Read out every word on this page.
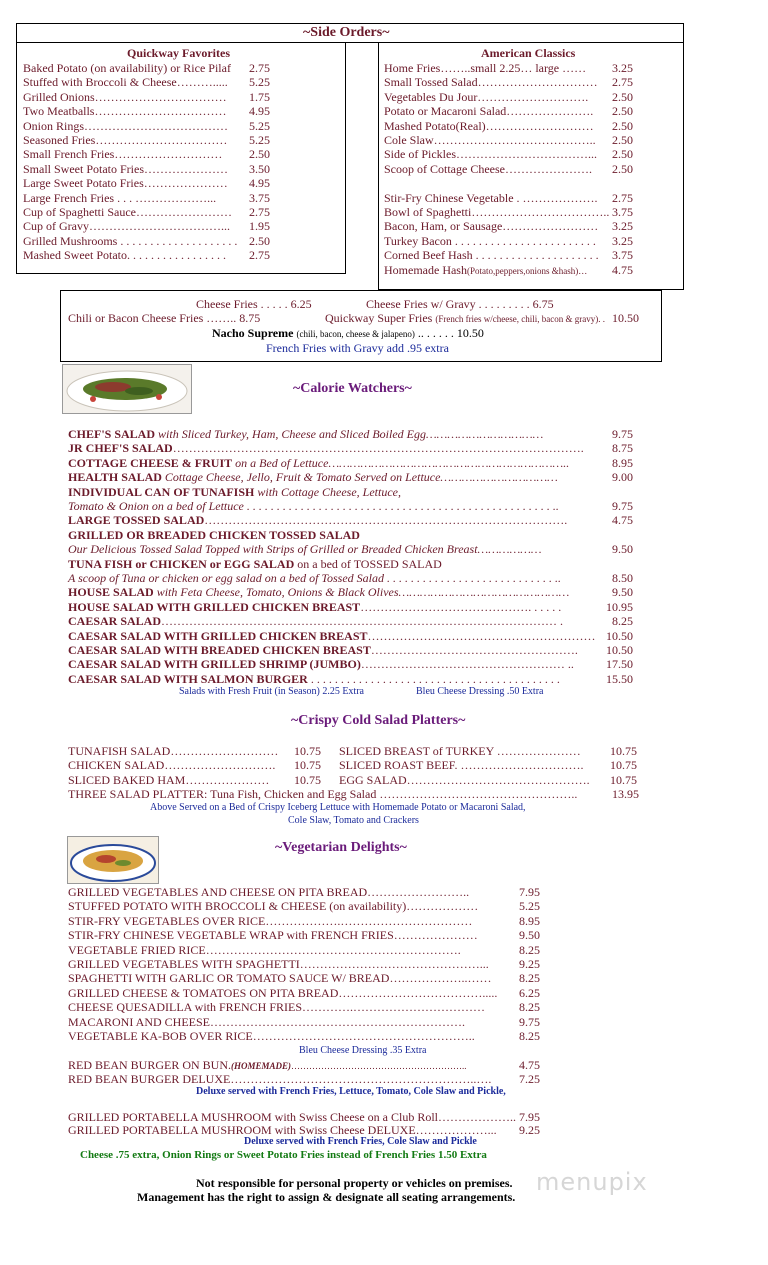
~Side Orders~
Quickway Favorites
Baked Potato (on availability) or Rice Pilaf 2.75
Stuffed with Broccoli & Cheese………..... 5.25
Grilled Onions…………………………… 1.75
Two Meatballs…………………………… 4.95
Onion Rings……………………………… 5.25
Seasoned Fries…………………………… 5.25
Small French Fries……………………… 2.50
Small Sweet Potato Fries………………… 3.50
Large Sweet Potato Fries………………… 4.95
Large French Fries . . . ………………...	3.75
Cup of Spaghetti Sauce…………………… 2.75
Cup of Gravy……………………………... 1.95
Grilled Mushrooms . . . . . . . . . . . . . . . . . . . . 2.50
Mashed Sweet Potato. . . . . . . . . . . . . . . . . 2.75
American Classics
Home Fries……..small 2.25… large …… 3.25
Small Tossed Salad………………………… 2.75
Vegetables Du Jour………………………. 2.50
Potato or Macaroni Salad…………………. 2.50
Mashed Potato(Real)……………………… 2.50
Cole Slaw………………………………….. 2.50
Side of Pickles……………………………... 2.50
Scoop of Cottage Cheese…………………. 2.50
Stir-Fry Chinese Vegetable . ………………. 2.75
Bowl of Spaghetti…………………………….. 3.75
Bacon, Ham, or Sausage…………………… 3.25
Turkey Bacon . . . . . . . . . . . . . . . . . . . . . . . . 3.25
Corned Beef Hash . . . . . . . . . . . . . . . . . . . . . 3.75
Homemade Hash(Potato,peppers,onions &hash)… 4.75
Cheese Fries . . . . . 6.25	Cheese Fries w/ Gravy . . . . . . . . . 6.75
Chili or Bacon Cheese Fries …….. 8.75	Quickway Super Fries (French fries w/cheese, chili, bacon & gravy). . 10.50
Nacho Supreme (chili, bacon, cheese & jalapeno) .. . . . . . 10.50
French Fries with Gravy add .95 extra
~Calorie Watchers~
CHEF'S SALAD with Sliced Turkey, Ham, Cheese and Sliced Boiled Egg……………………………	9.75
JR CHEF'S SALAD…………………………………………………………………………………………. 8.75
COTTAGE CHEESE & FRUIT on a Bed of Lettuce…………………………………………………………..	8.95
HEALTH SALAD Cottage Cheese, Jello, Fruit & Tomato Served on Lettuce……………………………	9.00
INDIVIDUAL CAN OF TUNAFISH with Cottage Cheese, Lettuce,
Tomato & Onion on a bed of Lettuce . . . . . . . . . . . . . . . . . . . . . . . . . . . . . . . . . . . . . . . . . . . . . . . . . . . ..	9.75
LARGE TOSSED SALAD……………………………………………………………………………….	4.75
GRILLED OR BREADED CHICKEN TOSSED SALAD
Our Delicious Tossed Salad Topped with Strips of Grilled or Breaded Chicken Breast………………	9.50
TUNA FISH or CHICKEN or EGG SALAD on a bed of TOSSED SALAD
A scoop of Tuna or chicken or egg salad on a bed of Tossed Salad . . . . . . . . . . . . . . . . . . . . . . . . . . . . ..	8.50
HOUSE SALAD with Feta Cheese, Tomato, Onions & Black Olives…………………………………………	9.50
HOUSE SALAD WITH GRILLED CHICKEN BREAST……………………………………. . . . . .	10.95
CAESAR SALAD……………………………………………………………………………………… .	8.25
CAESAR SALAD WITH GRILLED CHICKEN BREAST………………………………………………… 10.50
CAESAR SALAD WITH BREADED CHICKEN BREAST……………………………………………. 10.50
CAESAR SALAD WITH GRILLED SHRIMP (JUMBO)…………………………………………… ..	17.50
CAESAR SALAD WITH SALMON BURGER . . . . . . . . . . . . . . . . . . . . . . . . . . . . . . . . . . . . . . . . . .	15.50
Salads with Fresh Fruit (in Season) 2.25 Extra	Bleu Cheese Dressing .50 Extra
~Crispy Cold Salad Platters~
TUNAFISH SALAD……………………… 10.75
CHICKEN SALAD………………………. 10.75
SLICED BAKED HAM………………… 10.75
SLICED BREAST of TURKEY ………………… 10.75
SLICED ROAST BEEF. …………………………. 10.75
EGG SALAD………………………………………. 10.75
THREE SALAD PLATTER: Tuna Fish, Chicken and Egg Salad …………………………………………..	13.95
Above Served on a Bed of Crispy Iceberg Lettuce with Homemade Potato or Macaroni Salad,
Cole Slaw, Tomato and Crackers
~Vegetarian Delights~
GRILLED VEGETABLES AND CHEESE ON PITA BREAD……………………..	7.95
STUFFED POTATO WITH BROCCOLI & CHEESE (on availability)………………	5.25
STIR-FRY VEGETABLES OVER RICE……………….……………………………	8.95
STIR-FRY CHINESE VEGETABLE WRAP with FRENCH FRIES…………………	9.50
VEGETABLE FRIED RICE……………………………………………………….	8.25
GRILLED VEGETABLES WITH SPAGHETTI………………………………………...	9.25
SPAGHETTI WITH GARLIC OR TOMATO SAUCE W/ BREAD………………..…… 8.25
GRILLED CHEESE & TOMATOES ON PITA BREAD………………………………..... 6.25
CHEESE QUESADILLA with FRENCH FRIES………….……………………………	8.25
MACARONI AND CHEESE……………………………………………………….	9.75
VEGETABLE KA-BOB OVER RICE………………………………………………..	8.25
Bleu Cheese Dressing .35 Extra
RED BEAN BURGER ON BUN.(HOMEMADE)…………………………………………………..	4.75
RED BEAN BURGER DELUXE……………………………………………………..…. 7.25
Deluxe served with French Fries, Lettuce, Tomato, Cole Slaw and Pickle,
GRILLED PORTABELLA MUSHROOM with Swiss Cheese on a Club Roll……………….. 7.95
GRILLED PORTABELLA MUSHROOM with Swiss Cheese DELUXE………………... 9.25
Deluxe served with French Fries, Cole Slaw and Pickle
Cheese .75 extra, Onion Rings or Sweet Potato Fries instead of French Fries 1.50 Extra
Not responsible for personal property or vehicles on premises.
Management has the right to assign & designate all seating arrangements.
menupix
